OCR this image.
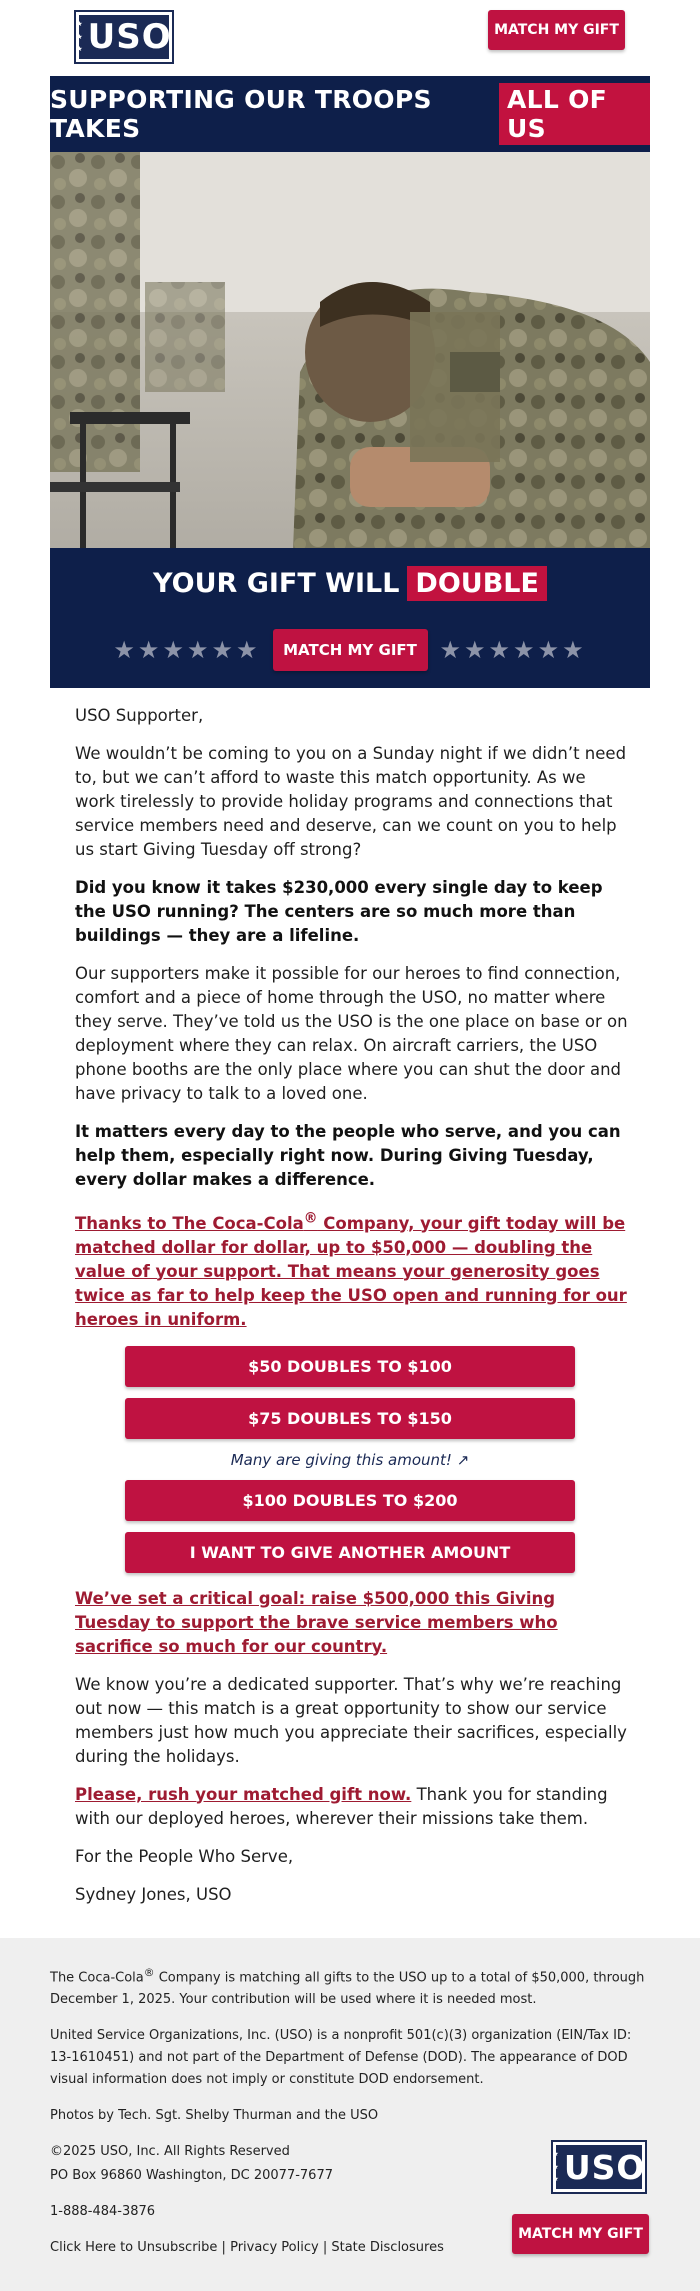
★
★
★ USO	MATCH MY GIFT
SUPPORTING OUR TROOPS TAKES
ALL OF US
YOUR GIFT WILL DOUBLE
★★★★★★	MATCH MY GIFT ★★★★★★

USO Supporter,

We wouldn’t be coming to you on a Sunday night if we didn’t need to, but we can’t afford to waste this match opportunity. As we work tirelessly to provide holiday programs and connections that service members need and deserve, can we count on you to help us start Giving Tuesday off strong?

Did you know it takes $230,000 every single day to keep the USO running? The centers are so much more than buildings — they are a lifeline.

Our supporters make it possible for our heroes to find connection, comfort and a piece of home through the USO, no matter where they serve. They’ve told us the USO is the one place on base or on deployment where they can relax. On aircraft carriers, the USO phone booths are the only place where you can shut the door and have privacy to talk to a loved one.

It matters every day to the people who serve, and you can help them, especially right now. During Giving Tuesday, every dollar makes a difference.

Thanks to The Coca-Cola® Company, your gift today will be matched dollar for dollar, up to $50,000 — doubling the value of your support. That means your generosity goes twice as far to help keep the USO open and running for our heroes in uniform.

$50 DOUBLES TO $100
$75 DOUBLES TO $150
Many are giving this amount! ↗
$100 DOUBLES TO $200
I WANT TO GIVE ANOTHER AMOUNT

We’ve set a critical goal: raise $500,000 this Giving Tuesday to support the brave service members who sacrifice so much for our country.

We know you’re a dedicated supporter. That’s why we’re reaching out now — this match is a great opportunity to show our service members just how much you appreciate their sacrifices, especially during the holidays.

Please, rush your matched gift now. Thank you for standing with our deployed heroes, wherever their missions take them.

For the People Who Serve,

Sydney Jones, USO

The Coca-Cola® Company is matching all gifts to the USO up to a total of $50,000, through December 1, 2025. Your contribution will be used where it is needed most.

United Service Organizations, Inc. (USO) is a nonprofit 501(c)(3) organization (EIN/Tax ID: 13-1610451) and not part of the Department of Defense (DOD). The appearance of DOD visual information does not imply or constitute DOD endorsement.

Photos by Tech. Sgt. Shelby Thurman and the USO

©2025 USO, Inc. All Rights Reserved

PO Box 96860 Washington, DC 20077-7677

1-888-484-3876

Click Here to Unsubscribe | Privacy Policy | State Disclosures

★
★
★ USO
MATCH MY GIFT
